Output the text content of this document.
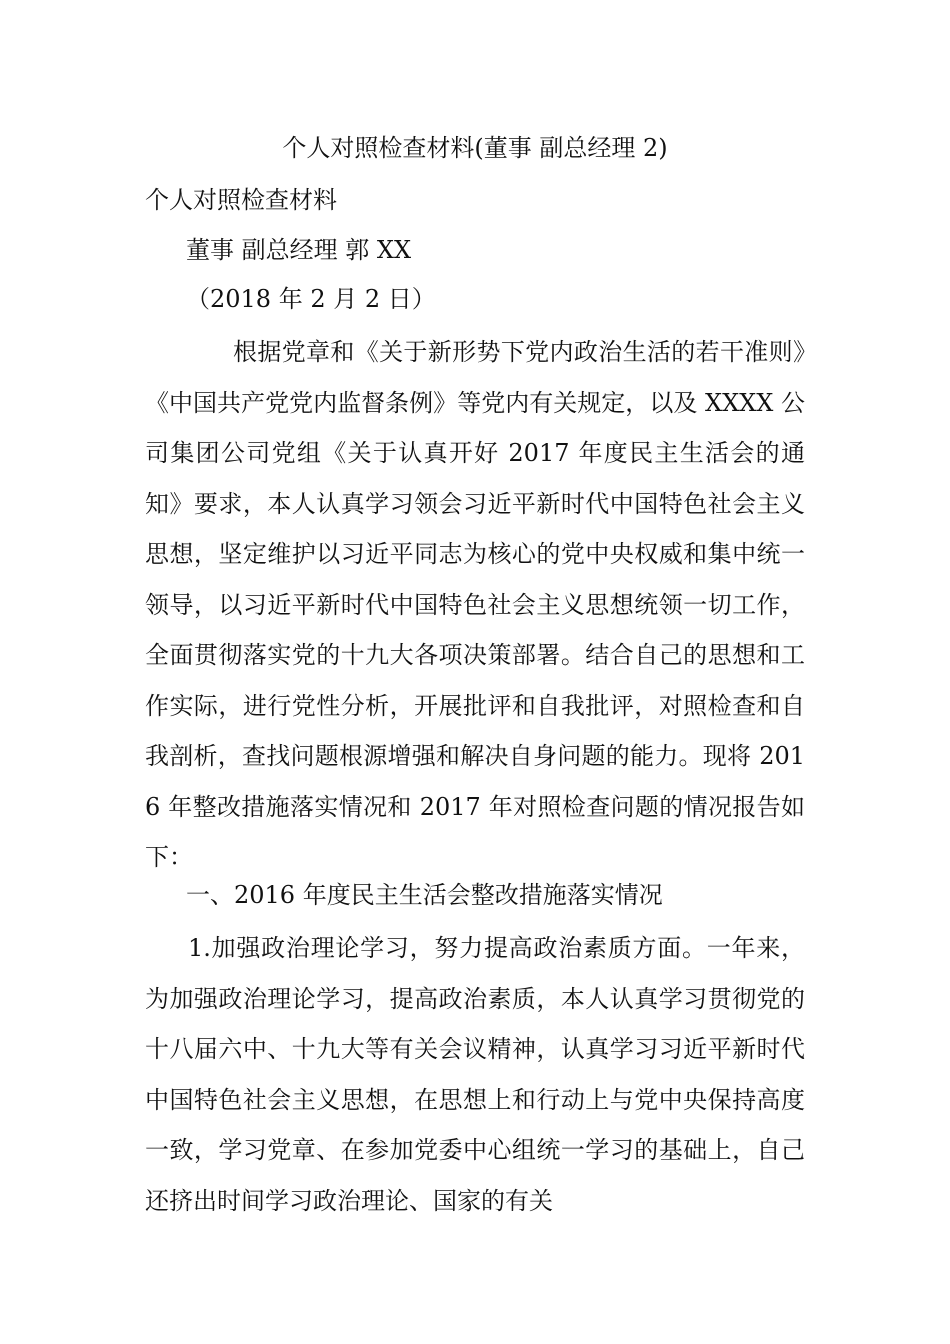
个人对照检查材料(董事 副总经理 2)
个人对照检查材料
董事 副总经理 郭 XX
（2018 年 2 月 2 日）
根据党章和《关于新形势下党内政治生活的若干准则》《中国共产党党内监督条例》等党内有关规定，以及 XXXX 公司集团公司党组《关于认真开好 2017 年度民主生活会的通知》要求，本人认真学习领会习近平新时代中国特色社会主义思想，坚定维护以习近平同志为核心的党中央权威和集中统一领导，以习近平新时代中国特色社会主义思想统领一切工作，全面贯彻落实党的十九大各项决策部署。结合自己的思想和工作实际，进行党性分析，开展批评和自我批评，对照检查和自我剖析，查找问题根源增强和解决自身问题的能力。现将 2016 年整改措施落实情况和 2017 年对照检查问题的情况报告如下：
一、2016 年度民主生活会整改措施落实情况
1.加强政治理论学习，努力提高政治素质方面。一年来，为加强政治理论学习，提高政治素质，本人认真学习贯彻党的十八届六中、十九大等有关会议精神，认真学习习近平新时代中国特色社会主义思想，在思想上和行动上与党中央保持高度一致，学习党章、在参加党委中心组统一学习的基础上，自己还挤出时间学习政治理论、国家的有关
